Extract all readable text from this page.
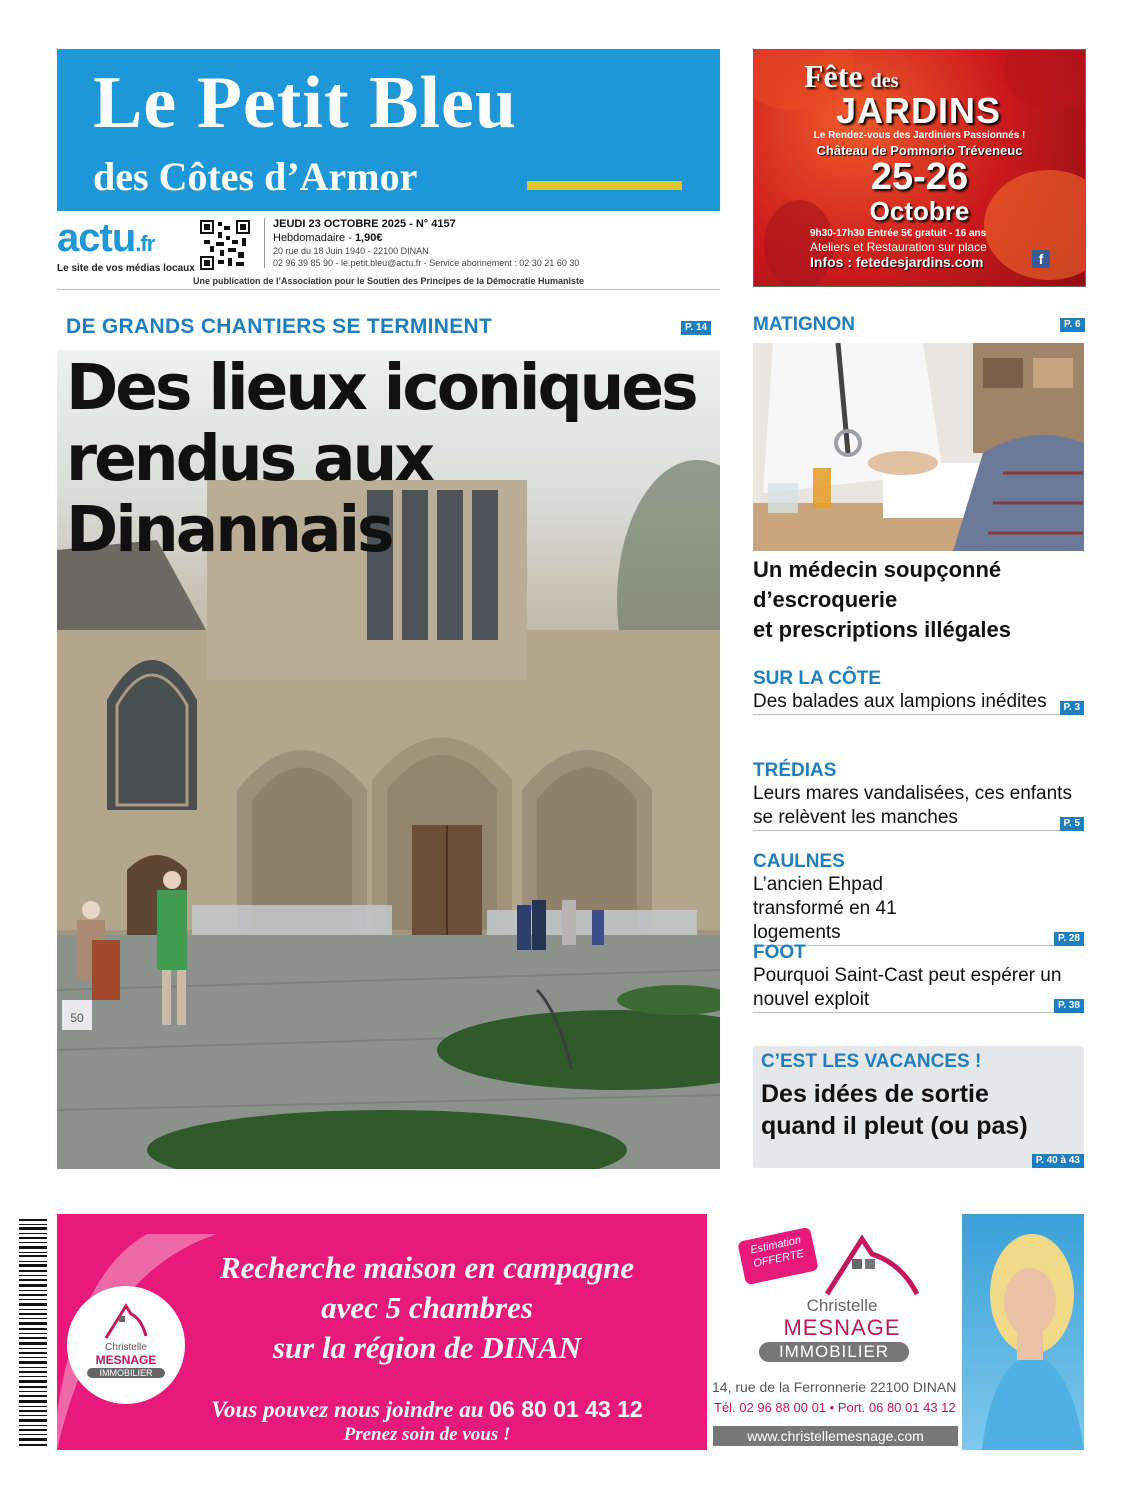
Le Petit Bleu
des Côtes d’Armor
actu.fr
Le site de vos médias locaux
JEUDI 23 OCTOBRE 2025 - N° 4157
Hebdomadaire - 1,90€
20 rue du 18 Juin 1940 - 22100 DINAN
02 96 39 85 90 - le.petit.bleu@actu.fr - Service abonnement : 02 30 21 60 30
Une publication de l’Association pour le Soutien des Principes de la Démocratie Humaniste
Fête des
JARDINS
Le Rendez-vous des Jardiniers Passionnés !
Château de Pommorio Tréveneuc
25-26
Octobre
9h30-17h30 Entrée 5€ gratuit - 16 ans
Ateliers et Restauration sur place
Infos : fetedesjardins.com	f
DE GRANDS CHANTIERS SE TERMINENT	P. 14
50
Des lieux iconiques
rendus aux Dinannais
MATIGNON	P. 6
Un médecin soupçonné
d’escroquerie
et prescriptions illégales
SUR LA CÔTE
Des balades aux lampions inédites	P. 3
TRÉDIAS
Leurs mares vandalisées, ces enfants se relèvent les manches	P. 5
CAULNES
L’ancien Ehpad transformé en 41 logements	P. 28
FOOT
Pourquoi Saint-Cast peut espérer un nouvel exploit	P. 38
C’EST LES VACANCES !
Des idées de sortie
quand il pleut (ou pas)
P. 40 à 43
Recherche maison en campagne
avec 5 chambres
sur la région de DINAN
Vous pouvez nous joindre au 06 80 01 43 12
Prenez soin de vous !
Christelle
MESNAGE
IMMOBILIER
Estimation OFFERTE
Christelle
MESNAGE
IMMOBILIER
14, rue de la Ferronnerie 22100 DINAN
Tél. 02 96 88 00 01 • Port. 06 80 01 43 12
www.christellemesnage.com
